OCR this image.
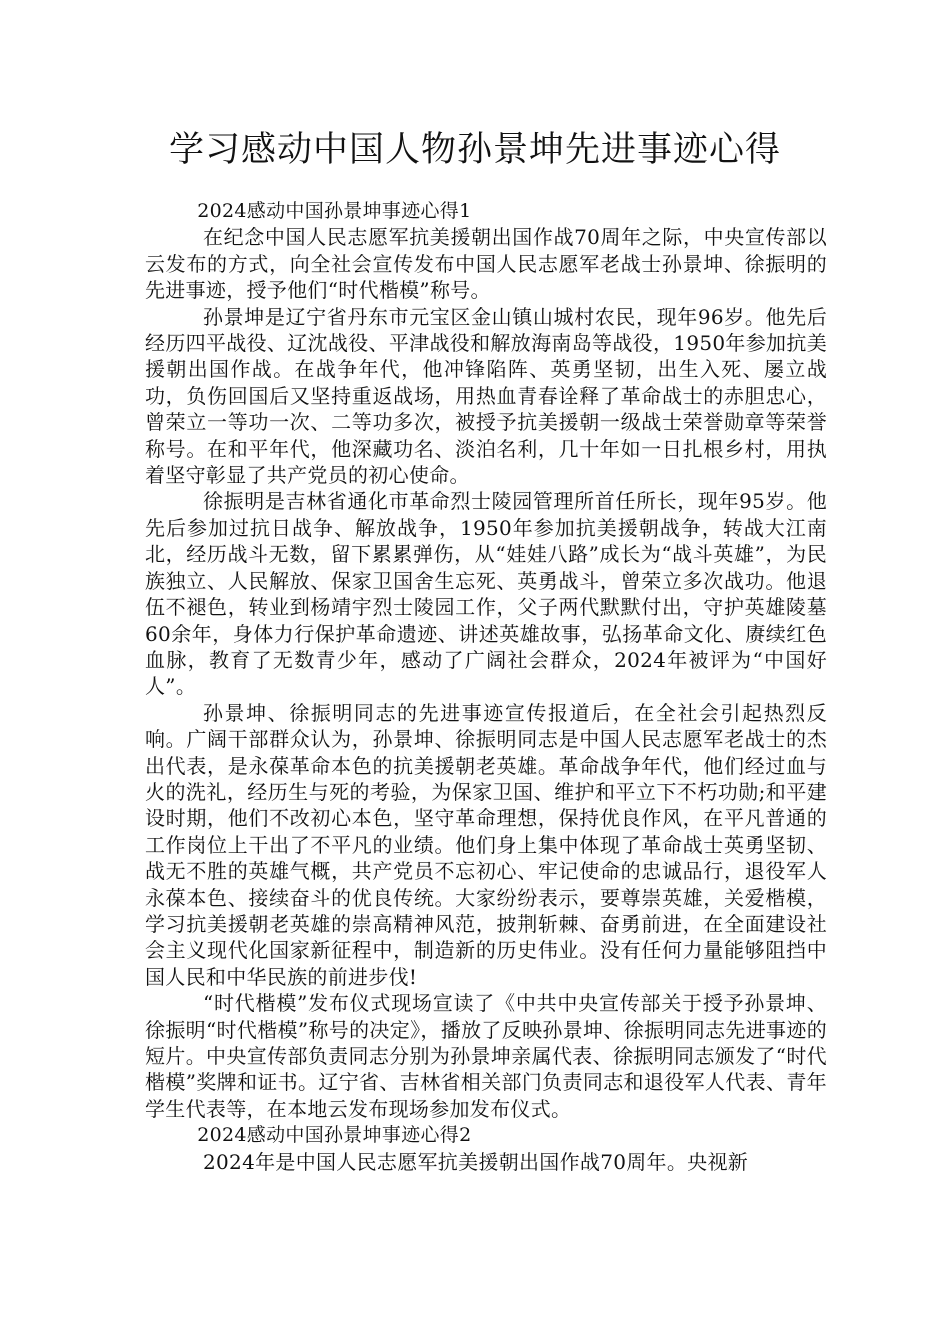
学习感动中国人物孙景坤先进事迹心得

2024感动中国孙景坤事迹心得1

在纪念中国人民志愿军抗美援朝出国作战70周年之际，中央宣传部以云发布的方式，向全社会宣传发布中国人民志愿军老战士孙景坤、徐振明的先进事迹，授予他们“时代楷模”称号。

孙景坤是辽宁省丹东市元宝区金山镇山城村农民，现年96岁。他先后经历四平战役、辽沈战役、平津战役和解放海南岛等战役，1950年参加抗美援朝出国作战。在战争年代，他冲锋陷阵、英勇坚韧，出生入死、屡立战功，负伤回国后又坚持重返战场，用热血青春诠释了革命战士的赤胆忠心，曾荣立一等功一次、二等功多次，被授予抗美援朝一级战士荣誉勋章等荣誉称号。在和平年代，他深藏功名、淡泊名利，几十年如一日扎根乡村，用执着坚守彰显了共产党员的初心使命。

徐振明是吉林省通化市革命烈士陵园管理所首任所长，现年95岁。他先后参加过抗日战争、解放战争，1950年参加抗美援朝战争，转战大江南北，经历战斗无数，留下累累弹伤，从“娃娃八路”成长为“战斗英雄”，为民族独立、人民解放、保家卫国舍生忘死、英勇战斗，曾荣立多次战功。他退伍不褪色，转业到杨靖宇烈士陵园工作，父子两代默默付出，守护英雄陵墓60余年，身体力行保护革命遗迹、讲述英雄故事，弘扬革命文化、赓续红色血脉，教育了无数青少年，感动了广阔社会群众，2024年被评为“中国好人”。

孙景坤、徐振明同志的先进事迹宣传报道后，在全社会引起热烈反响。广阔干部群众认为，孙景坤、徐振明同志是中国人民志愿军老战士的杰出代表，是永葆革命本色的抗美援朝老英雄。革命战争年代，他们经过血与火的洗礼，经历生与死的考验，为保家卫国、维护和平立下不朽功勋;和平建设时期，他们不改初心本色，坚守革命理想，保持优良作风，在平凡普通的工作岗位上干出了不平凡的业绩。他们身上集中体现了革命战士英勇坚韧、战无不胜的英雄气概，共产党员不忘初心、牢记使命的忠诚品行，退役军人永葆本色、接续奋斗的优良传统。大家纷纷表示，要尊崇英雄，关爱楷模，学习抗美援朝老英雄的崇高精神风范，披荆斩棘、奋勇前进，在全面建设社会主义现代化国家新征程中，制造新的历史伟业。没有任何力量能够阻挡中国人民和中华民族的前进步伐!

“时代楷模”发布仪式现场宣读了《中共中央宣传部关于授予孙景坤、徐振明“时代楷模”称号的决定》，播放了反映孙景坤、徐振明同志先进事迹的短片。中央宣传部负责同志分别为孙景坤亲属代表、徐振明同志颁发了“时代楷模”奖牌和证书。辽宁省、吉林省相关部门负责同志和退役军人代表、青年学生代表等，在本地云发布现场参加发布仪式。

2024感动中国孙景坤事迹心得2

2024年是中国人民志愿军抗美援朝出国作战70周年。央视新
